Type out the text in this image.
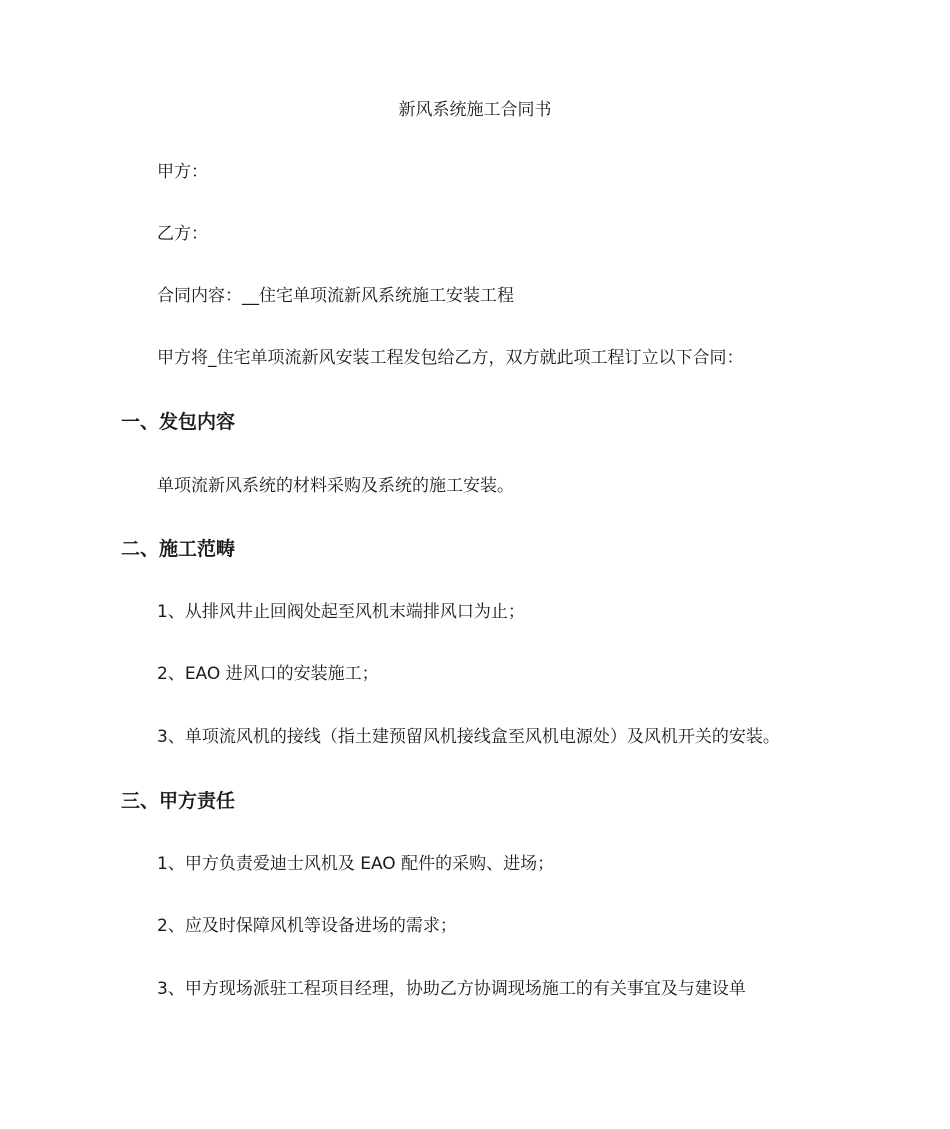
新风系统施工合同书
甲方：
乙方：
合同内容：__住宅单项流新风系统施工安装工程
甲方将_住宅单项流新风安装工程发包给乙方，双方就此项工程订立以下合同：
一、发包内容
单项流新风系统的材料采购及系统的施工安装。
二、施工范畴
1、从排风井止回阀处起至风机末端排风口为止；
2、EAO 进风口的安装施工；
3、单项流风机的接线（指土建预留风机接线盒至风机电源处）及风机开关的安装。
三、甲方责任
1、甲方负责爱迪士风机及 EAO 配件的采购、进场；
2、应及时保障风机等设备进场的需求；
3、甲方现场派驻工程项目经理，协助乙方协调现场施工的有关事宜及与建设单
